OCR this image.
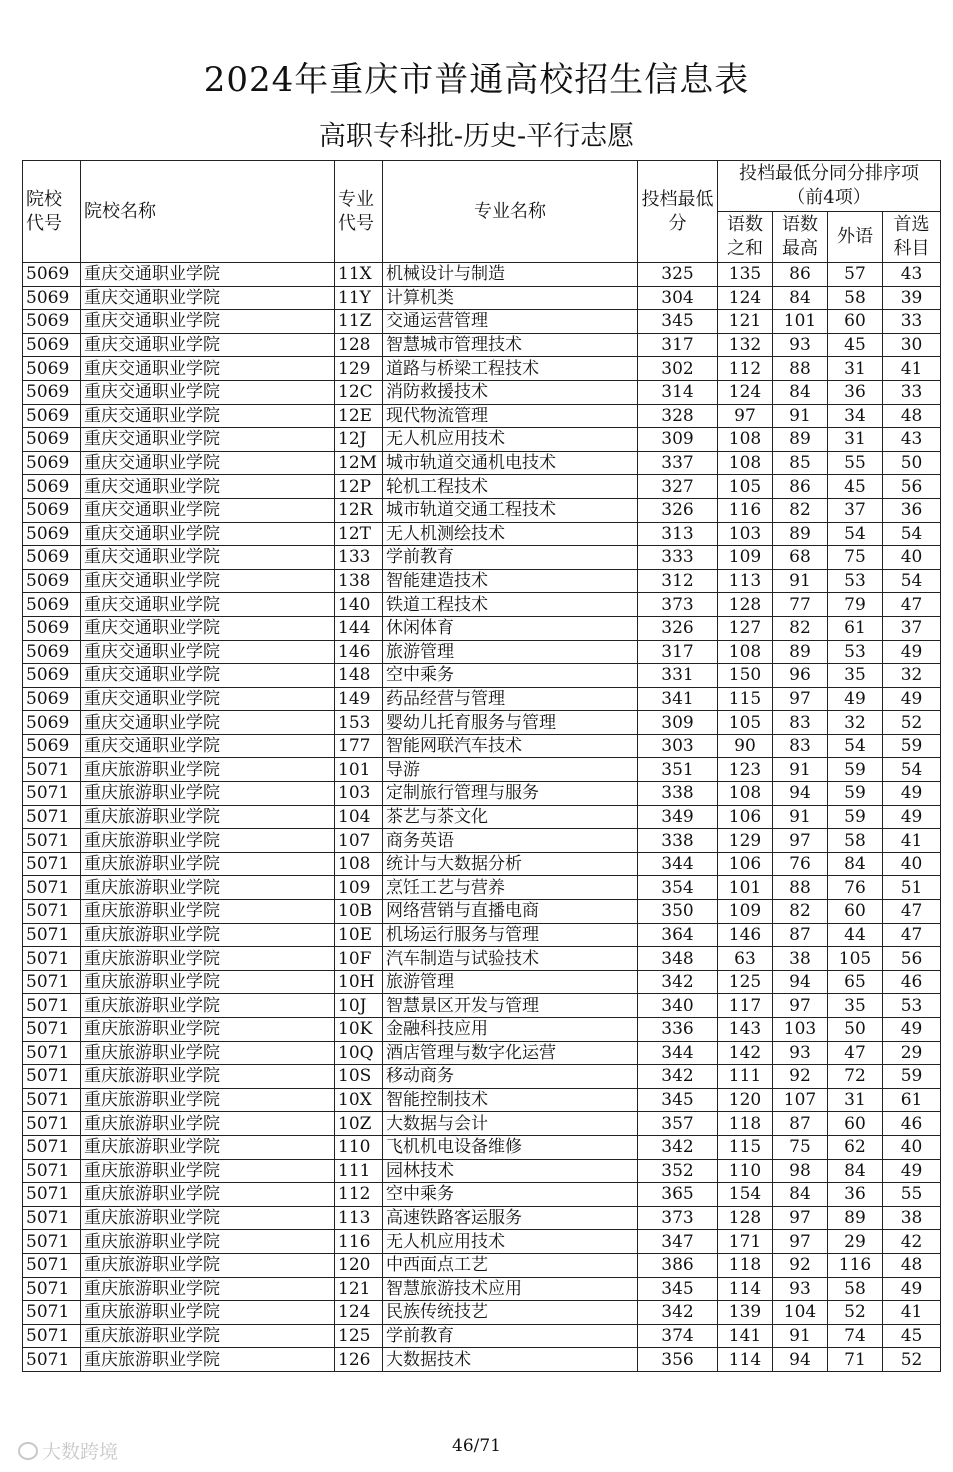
2024年重庆市普通高校招生信息表
高职专科批-历史-平行志愿
院校代号	院校名称	专业代号	专业名称	投档最低分	投档最低分同分排序项（前4项）			
					语数之和	语数最高	外语	首选科目
5069	重庆交通职业学院	11X	机械设计与制造	325	135	86	57	43
5069	重庆交通职业学院	11Y	计算机类	304	124	84	58	39
5069	重庆交通职业学院	11Z	交通运营管理	345	121	101	60	33
5069	重庆交通职业学院	128	智慧城市管理技术	317	132	93	45	30
5069	重庆交通职业学院	129	道路与桥梁工程技术	302	112	88	31	41
5069	重庆交通职业学院	12C	消防救援技术	314	124	84	36	33
5069	重庆交通职业学院	12E	现代物流管理	328	97	91	34	48
5069	重庆交通职业学院	12J	无人机应用技术	309	108	89	31	43
5069	重庆交通职业学院	12M	城市轨道交通机电技术	337	108	85	55	50
5069	重庆交通职业学院	12P	轮机工程技术	327	105	86	45	56
5069	重庆交通职业学院	12R	城市轨道交通工程技术	326	116	82	37	36
5069	重庆交通职业学院	12T	无人机测绘技术	313	103	89	54	54
5069	重庆交通职业学院	133	学前教育	333	109	68	75	40
5069	重庆交通职业学院	138	智能建造技术	312	113	91	53	54
5069	重庆交通职业学院	140	铁道工程技术	373	128	77	79	47
5069	重庆交通职业学院	144	休闲体育	326	127	82	61	37
5069	重庆交通职业学院	146	旅游管理	317	108	89	53	49
5069	重庆交通职业学院	148	空中乘务	331	150	96	35	32
5069	重庆交通职业学院	149	药品经营与管理	341	115	97	49	49
5069	重庆交通职业学院	153	婴幼儿托育服务与管理	309	105	83	32	52
5069	重庆交通职业学院	177	智能网联汽车技术	303	90	83	54	59
5071	重庆旅游职业学院	101	导游	351	123	91	59	54
5071	重庆旅游职业学院	103	定制旅行管理与服务	338	108	94	59	49
5071	重庆旅游职业学院	104	茶艺与茶文化	349	106	91	59	49
5071	重庆旅游职业学院	107	商务英语	338	129	97	58	41
5071	重庆旅游职业学院	108	统计与大数据分析	344	106	76	84	40
5071	重庆旅游职业学院	109	烹饪工艺与营养	354	101	88	76	51
5071	重庆旅游职业学院	10B	网络营销与直播电商	350	109	82	60	47
5071	重庆旅游职业学院	10E	机场运行服务与管理	364	146	87	44	47
5071	重庆旅游职业学院	10F	汽车制造与试验技术	348	63	38	105	56
5071	重庆旅游职业学院	10H	旅游管理	342	125	94	65	46
5071	重庆旅游职业学院	10J	智慧景区开发与管理	340	117	97	35	53
5071	重庆旅游职业学院	10K	金融科技应用	336	143	103	50	49
5071	重庆旅游职业学院	10Q	酒店管理与数字化运营	344	142	93	47	29
5071	重庆旅游职业学院	10S	移动商务	342	111	92	72	59
5071	重庆旅游职业学院	10X	智能控制技术	345	120	107	31	61
5071	重庆旅游职业学院	10Z	大数据与会计	357	118	87	60	46
5071	重庆旅游职业学院	110	飞机机电设备维修	342	115	75	62	40
5071	重庆旅游职业学院	111	园林技术	352	110	98	84	49
5071	重庆旅游职业学院	112	空中乘务	365	154	84	36	55
5071	重庆旅游职业学院	113	高速铁路客运服务	373	128	97	89	38
5071	重庆旅游职业学院	116	无人机应用技术	347	171	97	29	42
5071	重庆旅游职业学院	120	中西面点工艺	386	118	92	116	48
5071	重庆旅游职业学院	121	智慧旅游技术应用	345	114	93	58	49
5071	重庆旅游职业学院	124	民族传统技艺	342	139	104	52	41
5071	重庆旅游职业学院	125	学前教育	374	141	91	74	45
5071	重庆旅游职业学院	126	大数据技术	356	114	94	71	52
46/71
大数跨境
